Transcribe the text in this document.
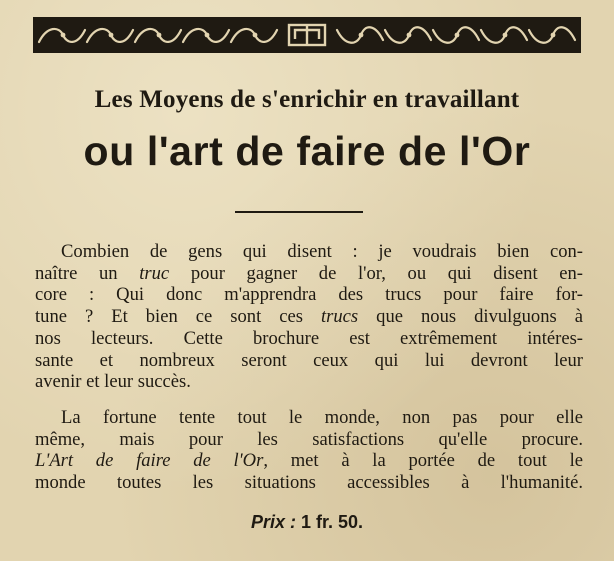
Les Moyens de s'enrichir en travaillant
ou l'art de faire de l'Or
Combien de gens qui disent : je voudrais bien con-
naître un truc pour gagner de l'or, ou qui disent en-
core : Qui donc m'apprendra des trucs pour faire for-
tune ? Et bien ce sont ces trucs que nous divulguons à
nos lecteurs. Cette brochure est extrêmement intéres-
sante et nombreux seront ceux qui lui devront leur
avenir et leur succès.
La fortune tente tout le monde, non pas pour elle
même, mais pour les satisfactions qu'elle procure.
L'Art de faire de l'Or, met à la portée de tout le
monde toutes les situations accessibles à l'humanité.
Prix : 1 fr. 50.
